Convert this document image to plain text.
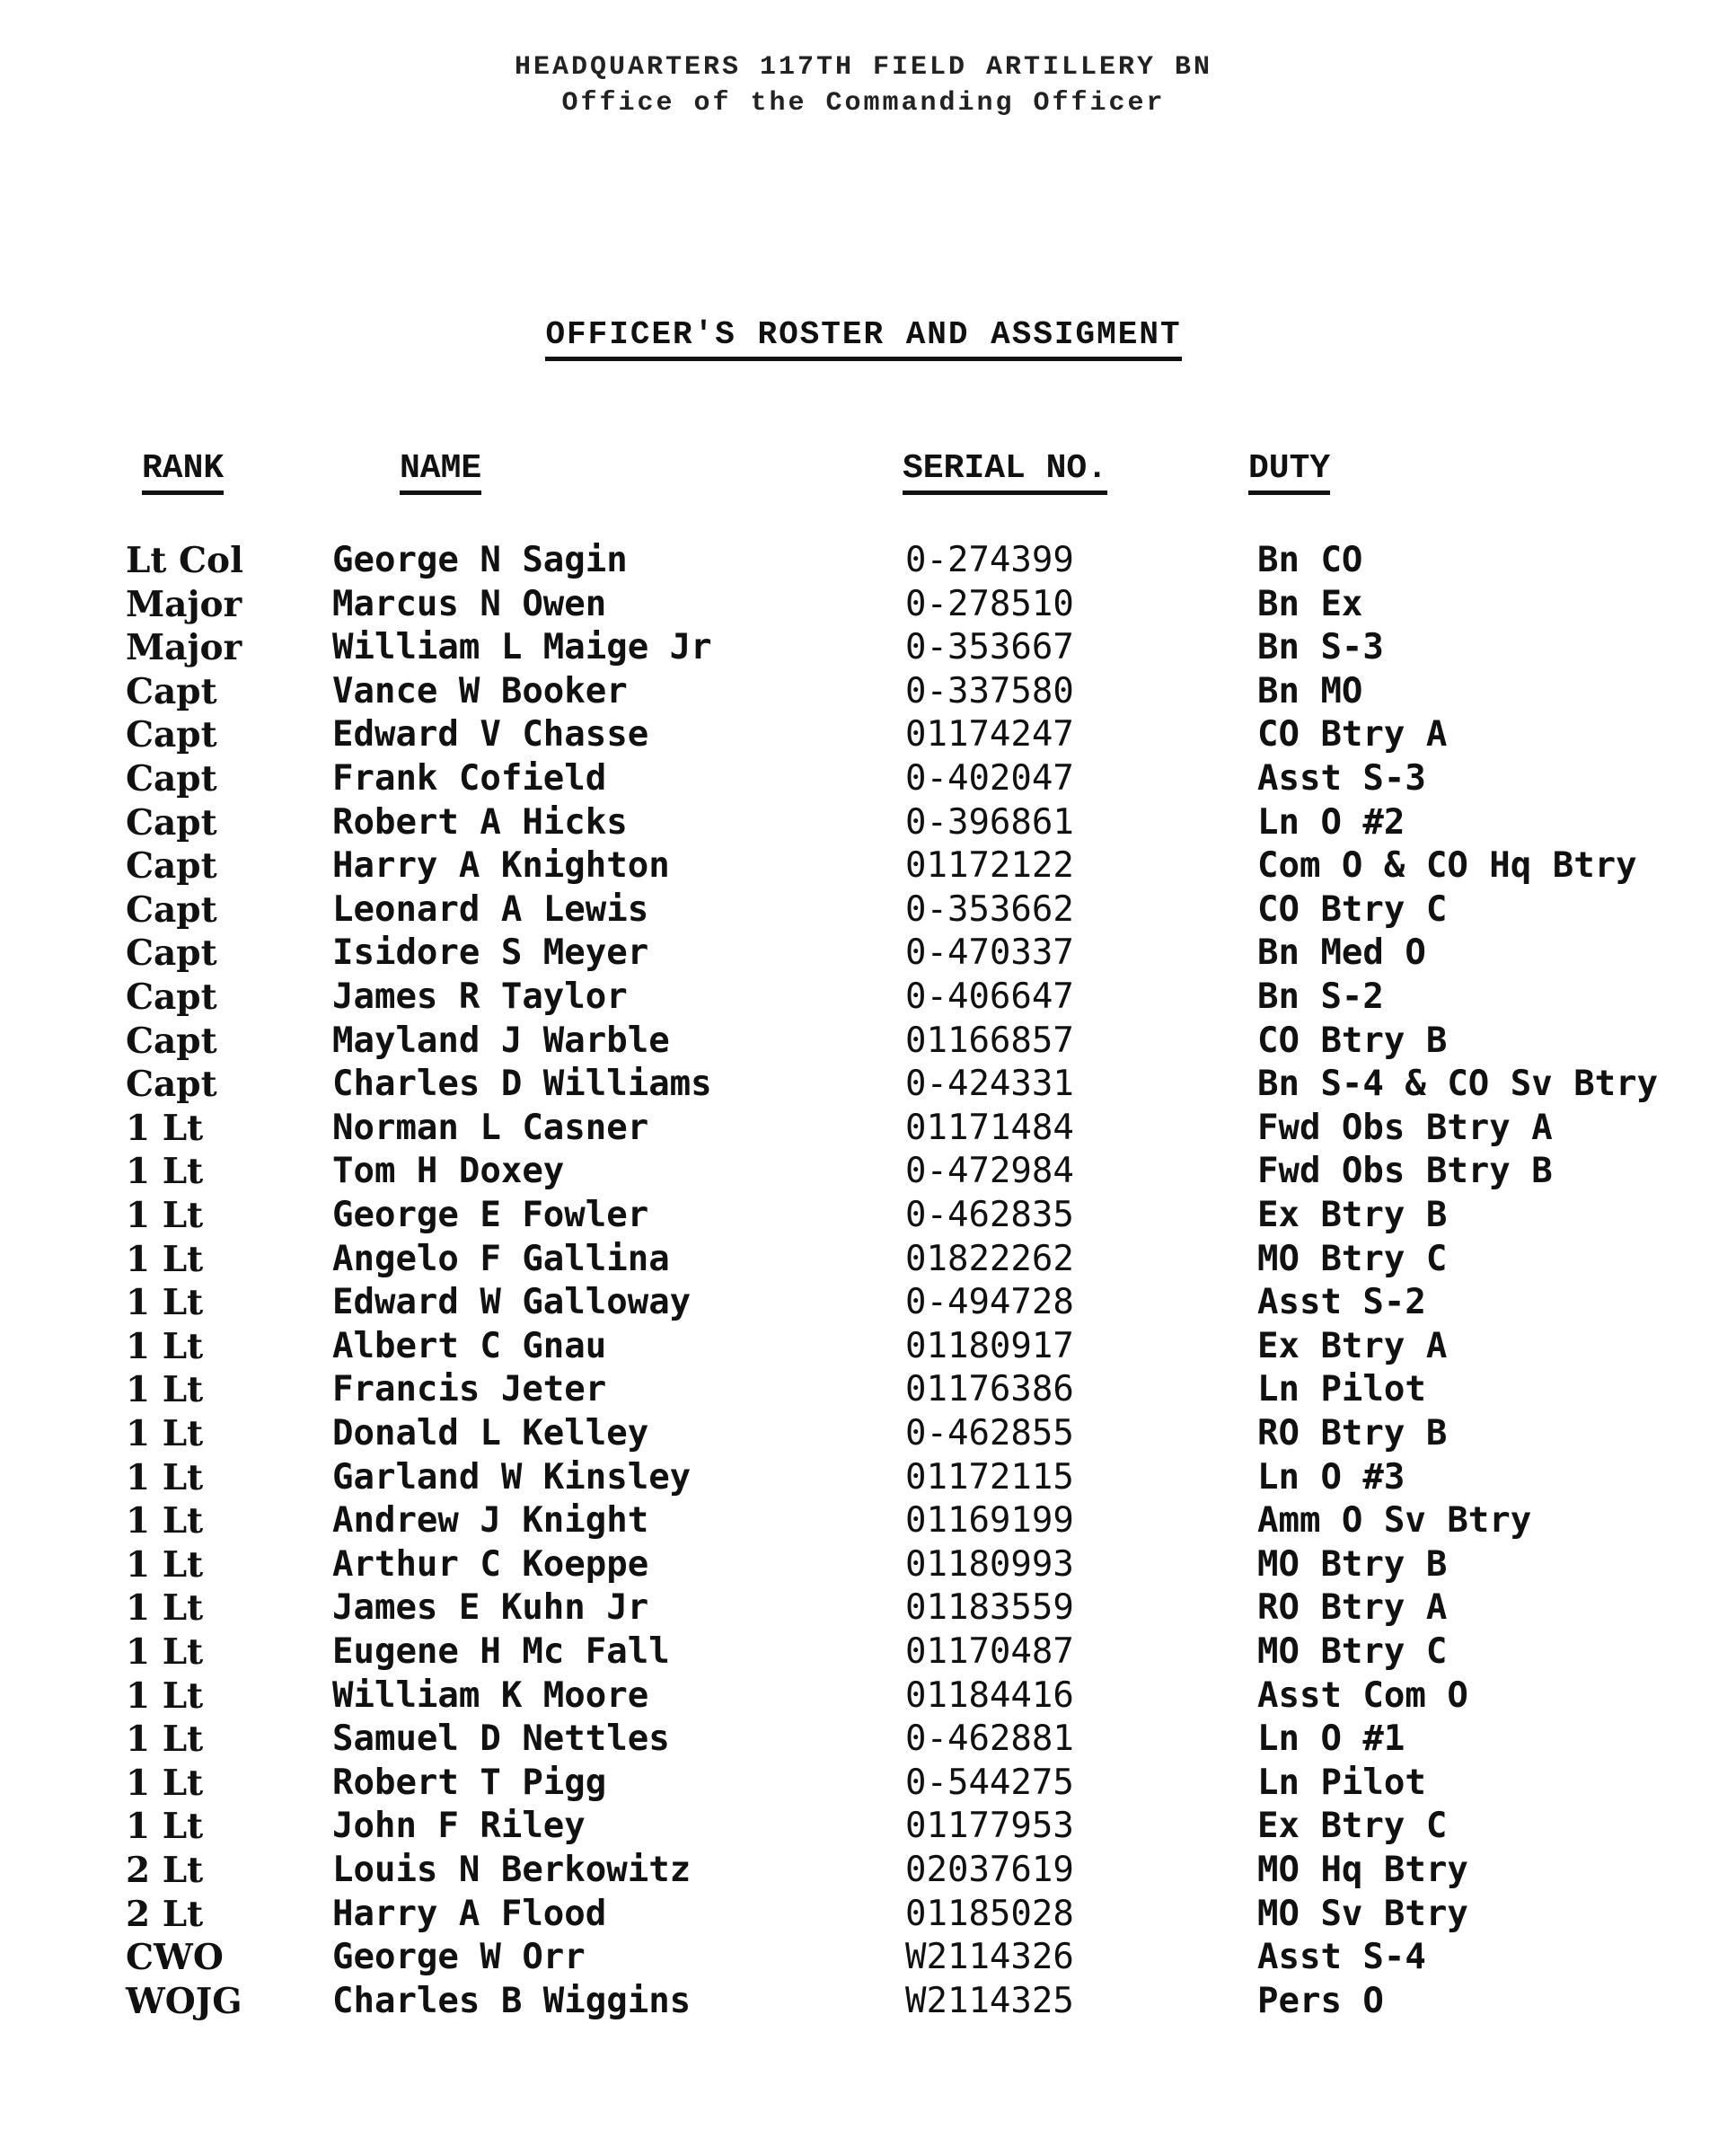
HEADQUARTERS 117TH FIELD ARTILLERY BN
Office of the Commanding Officer
OFFICER'S ROSTER AND ASSIGMENT
RANK	NAME	SERIAL NO.	DUTY
Lt Col	George N Sagin	0-274399	Bn CO
Major	Marcus N Owen	0-278510	Bn Ex
Major	William L Maige Jr	0-353667	Bn S-3
Capt	Vance W Booker	0-337580	Bn MO
Capt	Edward V Chasse	01174247	CO Btry A
Capt	Frank Cofield	0-402047	Asst S-3
Capt	Robert A Hicks	0-396861	Ln O #2
Capt	Harry A Knighton	01172122	Com O & CO Hq Btry
Capt	Leonard A Lewis	0-353662	CO Btry C
Capt	Isidore S Meyer	0-470337	Bn Med O
Capt	James R Taylor	0-406647	Bn S-2
Capt	Mayland J Warble	01166857	CO Btry B
Capt	Charles D Williams	0-424331	Bn S-4 & CO Sv Btry
1 Lt	Norman L Casner	01171484	Fwd Obs Btry A
1 Lt	Tom H Doxey	0-472984	Fwd Obs Btry B
1 Lt	George E Fowler	0-462835	Ex Btry B
1 Lt	Angelo F Gallina	01822262	MO Btry C
1 Lt	Edward W Galloway	0-494728	Asst S-2
1 Lt	Albert C Gnau	01180917	Ex Btry A
1 Lt	Francis Jeter	01176386	Ln Pilot
1 Lt	Donald L Kelley	0-462855	RO Btry B
1 Lt	Garland W Kinsley	01172115	Ln O #3
1 Lt	Andrew J Knight	01169199	Amm O Sv Btry
1 Lt	Arthur C Koeppe	01180993	MO Btry B
1 Lt	James E Kuhn Jr	01183559	RO Btry A
1 Lt	Eugene H Mc Fall	01170487	MO Btry C
1 Lt	William K Moore	01184416	Asst Com O
1 Lt	Samuel D Nettles	0-462881	Ln O #1
1 Lt	Robert T Pigg	0-544275	Ln Pilot
1 Lt	John F Riley	01177953	Ex Btry C
2 Lt	Louis N Berkowitz	02037619	MO Hq Btry
2 Lt	Harry A Flood	01185028	MO Sv Btry
CWO	George W Orr	W2114326	Asst S-4
WOJG	Charles B Wiggins	W2114325	Pers O
